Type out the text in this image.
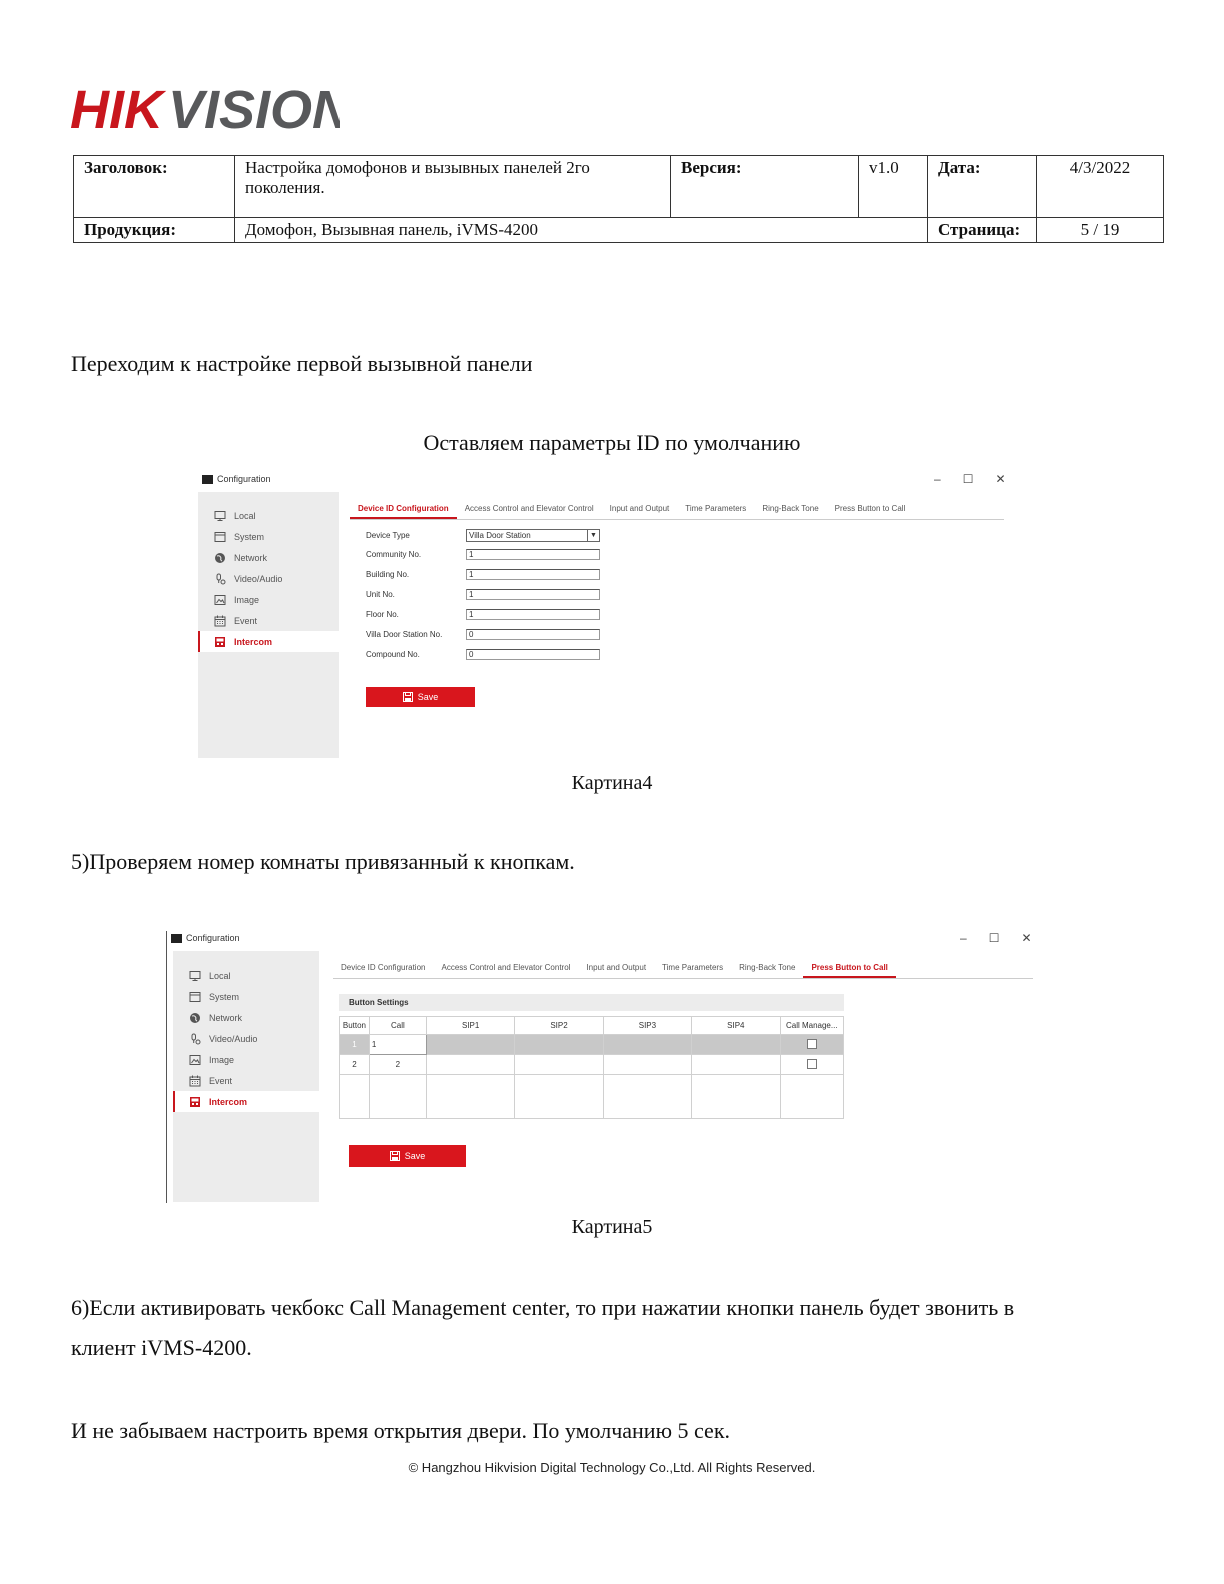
HIK VISION
Заголовок:	Настройка домофонов и вызывных панелей 2го поколения.	Версия:	v1.0	Дата:	4/3/2022
Продукция:	Домофон, Вызывная панель, iVMS-4200			Страница:	5 / 19
Переходим к настройке первой вызывной панели
Оставляем параметры ID по умолчанию
Configuration	– ☐ ✕
Local
System
Network
Video/Audio
Image
Event
Intercom
Device ID Configuration	Access Control and Elevator Control	Input and Output	Time Parameters	Ring-Back Tone	Press Button to Call
Device Type	Villa Door Station	▼
Community No.	1
Building No.	1
Unit No.	1
Floor No.	1
Villa Door Station No.	0
Compound No.	0
Save
Картина4
5)Проверяем номер комнаты привязанный к кнопкам.
Configuration	– ☐ ✕
Local
System
Network
Video/Audio
Image
Event
Intercom
Device ID Configuration	Access Control and Elevator Control	Input and Output	Time Parameters	Ring-Back Tone	Press Button to Call
Button Settings
Button	Call	SIP1	SIP2	SIP3	SIP4	Call Manage...
1	1					
2	2					

Save
Картина5
6)Если активировать чекбокс Call Management center, то при нажатии кнопки панель будет звонить в
клиент iVMS-4200.
И не забываем настроить время открытия двери. По умолчанию 5 сек.
© Hangzhou Hikvision Digital Technology Co.,Ltd. All Rights Reserved.
